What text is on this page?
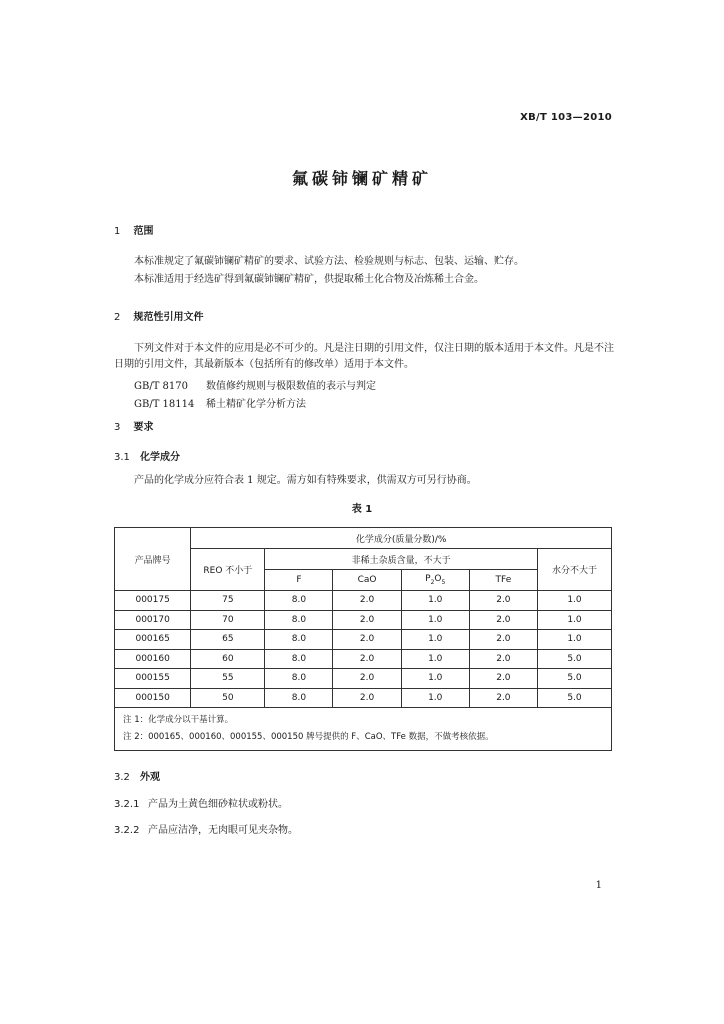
XB/T 103—2010
氟碳铈镧矿精矿
1 范围
本标准规定了氟碳铈镧矿精矿的要求、试验方法、检验规则与标志、包装、运输、贮存。
本标准适用于经选矿得到氟碳铈镧矿精矿，供提取稀土化合物及冶炼稀土合金。
2 规范性引用文件
下列文件对于本文件的应用是必不可少的。凡是注日期的引用文件，仅注日期的版本适用于本文件。凡是不注日期的引用文件，其最新版本（包括所有的修改单）适用于本文件。
GB/T 8170 数值修约规则与极限数值的表示与判定
GB/T 18114 稀土精矿化学分析方法
3 要求
3.1 化学成分
产品的化学成分应符合表 1 规定。需方如有特殊要求，供需双方可另行协商。
表 1
产品牌号	化学成分(质量分数)/%					
	REO 不小于	非稀土杂质含量，不大于				水分不大于
		F	CaO	$P_2O_5$	TFe	
000175	75	8.0	2.0	1.0	2.0	1.0
000170	70	8.0	2.0	1.0	2.0	1.0
000165	65	8.0	2.0	1.0	2.0	1.0
000160	60	8.0	2.0	1.0	2.0	5.0
000155	55	8.0	2.0	1.0	2.0	5.0
000150	50	8.0	2.0	1.0	2.0	5.0

注 1：化学成分以干基计算。
注 2：000165、000160、000155、000150 牌号提供的 F、CaO、TFe 数据，不做考核依据。						
3.2 外观
3.2.1 产品为土黄色细砂粒状或粉状。
3.2.2 产品应洁净，无肉眼可见夹杂物。
1
